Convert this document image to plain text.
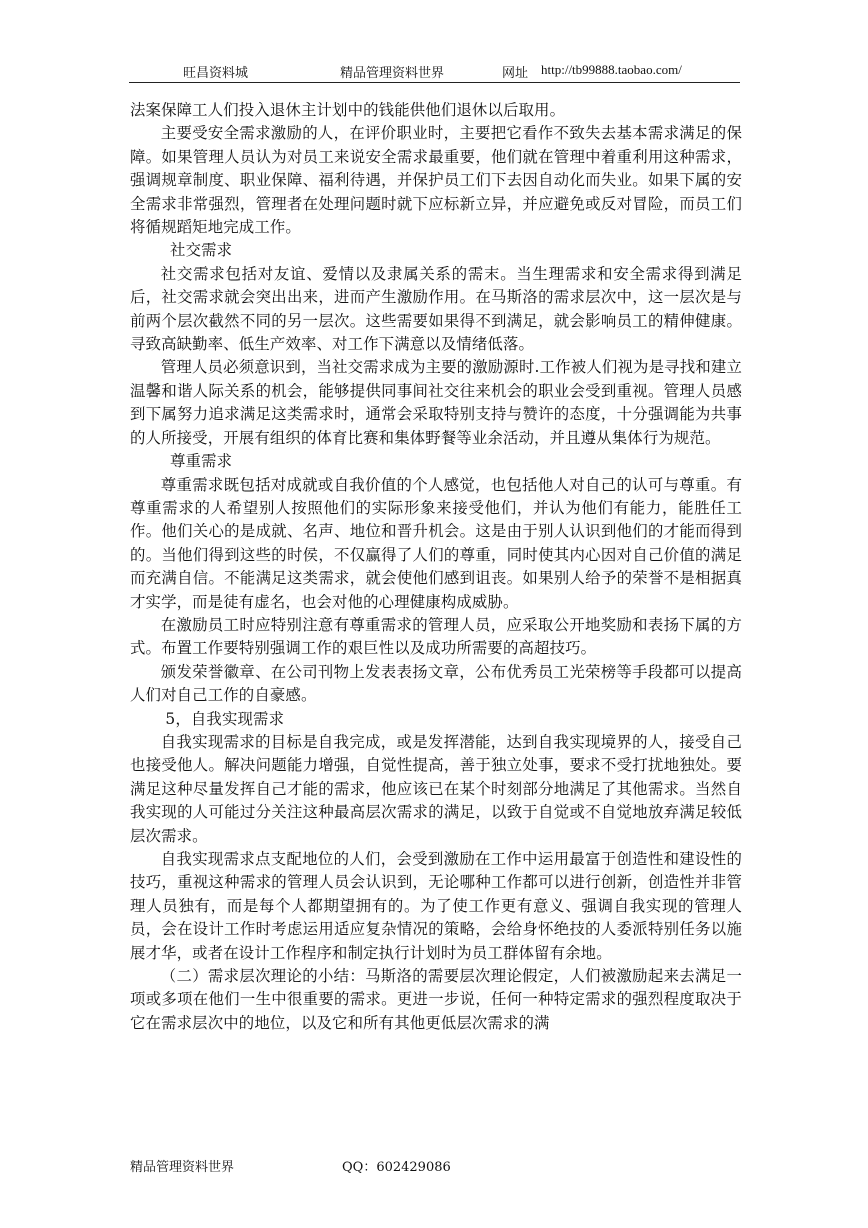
旺昌资料城	精品管理资料世界	网址 http://tb99888.taobao.com/

法案保障工人们投入退休主计划中的钱能供他们退休以后取用。

主要受安全需求激励的人，在评价职业时，主要把它看作不致失去基本需求满足的保障。如果管理人员认为对员工来说安全需求最重要，他们就在管理中着重利用这种需求，强调规章制度、职业保障、福利待遇，并保护员工们下去因自动化而失业。如果下属的安全需求非常强烈，管理者在处理问题时就下应标新立异，并应避免或反对冒险，而员工们将循规蹈矩地完成工作。

社交需求

社交需求包括对友谊、爱情以及隶属关系的需末。当生理需求和安全需求得到满足后，社交需求就会突出出来，进而产生激励作用。在马斯洛的需求层次中，这一层次是与前两个层次截然不同的另一层次。这些需要如果得不到满足，就会影响员工的精伸健康。寻致高缺勤率、低生产效率、对工作下满意以及情绪低落。

管理人员必须意识到，当社交需求成为主要的激励源时.工作被人们视为是寻找和建立温馨和谐人际关系的机会，能够提供同事间社交往来机会的职业会受到重视。管理人员感到下属努力追求满足这类需求时，通常会采取特别支持与赞许的态度，十分强调能为共事的人所接受，开展有组织的体育比赛和集体野餐等业余活动，并且遵从集体行为规范。

尊重需求

尊重需求既包括对成就或自我价值的个人感觉，也包括他人对自己的认可与尊重。有尊重需求的人希望别人按照他们的实际形象来接受他们，并认为他们有能力，能胜任工作。他们关心的是成就、名声、地位和晋升机会。这是由于别人认识到他们的才能而得到的。当他们得到这些的时侯，不仅赢得了人们的尊重，同时使其内心因对自己价值的满足而充满自信。不能满足这类需求，就会使他们感到诅丧。如果别人给予的荣誉不是相据真才实学，而是徒有虚名，也会对他的心理健康构成威胁。

在激励员工时应特别注意有尊重需求的管理人员，应采取公开地奖励和表扬下属的方式。布置工作要特别强调工作的艰巨性以及成功所需要的高超技巧。

颁发荣誉徽章、在公司刊物上发表表扬文章，公布优秀员工光荣榜等手段都可以提高人们对自己工作的自豪感。

5，自我实现需求

自我实现需求的目标是自我完成，或是发挥潜能，达到自我实现境界的人，接受自己也接受他人。解决问题能力增强，自觉性提高，善于独立处事，要求不受打扰地独处。要满足这种尽量发挥自己才能的需求，他应该已在某个时刻部分地满足了其他需求。当然自我实现的人可能过分关注这种最高层次需求的满足，以致于自觉或不自觉地放弃满足较低层次需求。

自我实现需求点支配地位的人们，会受到激励在工作中运用最富于创造性和建设性的技巧，重视这种需求的管理人员会认识到，无论哪种工作都可以进行创新，创造性并非管理人员独有，而是每个人都期望拥有的。为了使工作更有意义、强调自我实现的管理人员，会在设计工作时考虑运用适应复杂情况的策略，会给身怀绝技的人委派特别任务以施展才华，或者在设计工作程序和制定执行计划时为员工群体留有余地。

（二）需求层次理论的小结：马斯洛的需要层次理论假定，人们被激励起来去满足一项或多项在他们一生中很重要的需求。更进一步说，任何一种特定需求的强烈程度取决于它在需求层次中的地位，以及它和所有其他更低层次需求的满

精品管理资料世界	QQ：602429086
